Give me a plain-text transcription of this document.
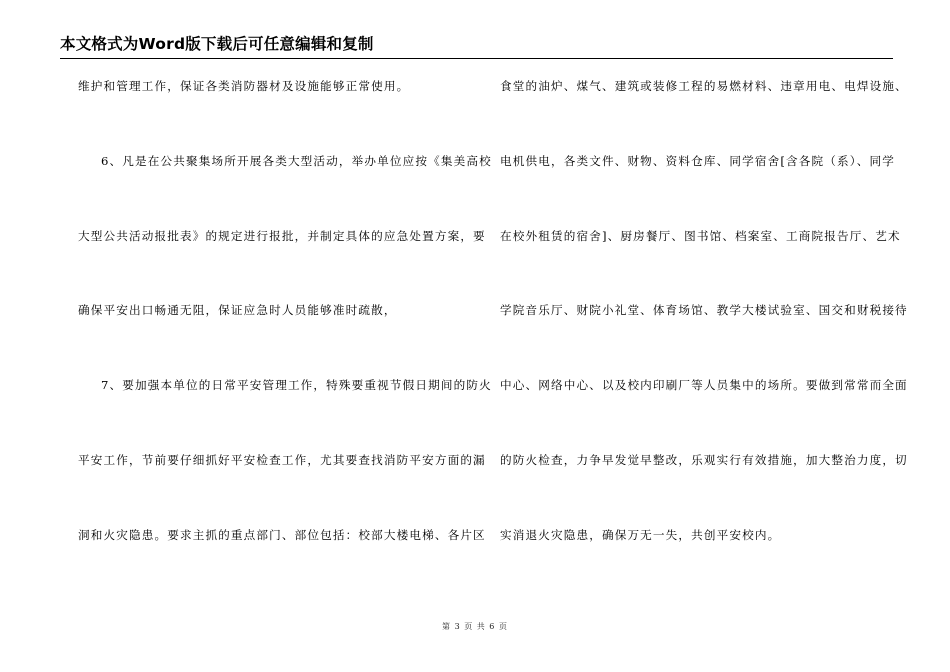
本文格式为Word版下载后可任意编辑和复制
维护和管理工作，保证各类消防器材及设施能够正常使用。
6、凡是在公共聚集场所开展各类大型活动，举办单位应按《集美高校
大型公共活动报批表》的规定进行报批，并制定具体的应急处置方案，要
确保平安出口畅通无阻，保证应急时人员能够准时疏散，
7、要加强本单位的日常平安管理工作，特殊要重视节假日期间的防火
平安工作，节前要仔细抓好平安检查工作，尤其要查找消防平安方面的漏
洞和火灾隐患。要求主抓的重点部门、部位包括：校部大楼电梯、各片区
食堂的油炉、煤气、建筑或装修工程的易燃材料、违章用电、电焊设施、
电机供电，各类文件、财物、资料仓库、同学宿舍[含各院（系）、同学
在校外租赁的宿舍]、厨房餐厅、图书馆、档案室、工商院报告厅、艺术
学院音乐厅、财院小礼堂、体育场馆、教学大楼试验室、国交和财税接待
中心、网络中心、以及校内印刷厂等人员集中的场所。要做到常常而全面
的防火检查，力争早发觉早整改，乐观实行有效措施，加大整治力度，切
实消退火灾隐患，确保万无一失，共创平安校内。
第 3 页 共 6 页
